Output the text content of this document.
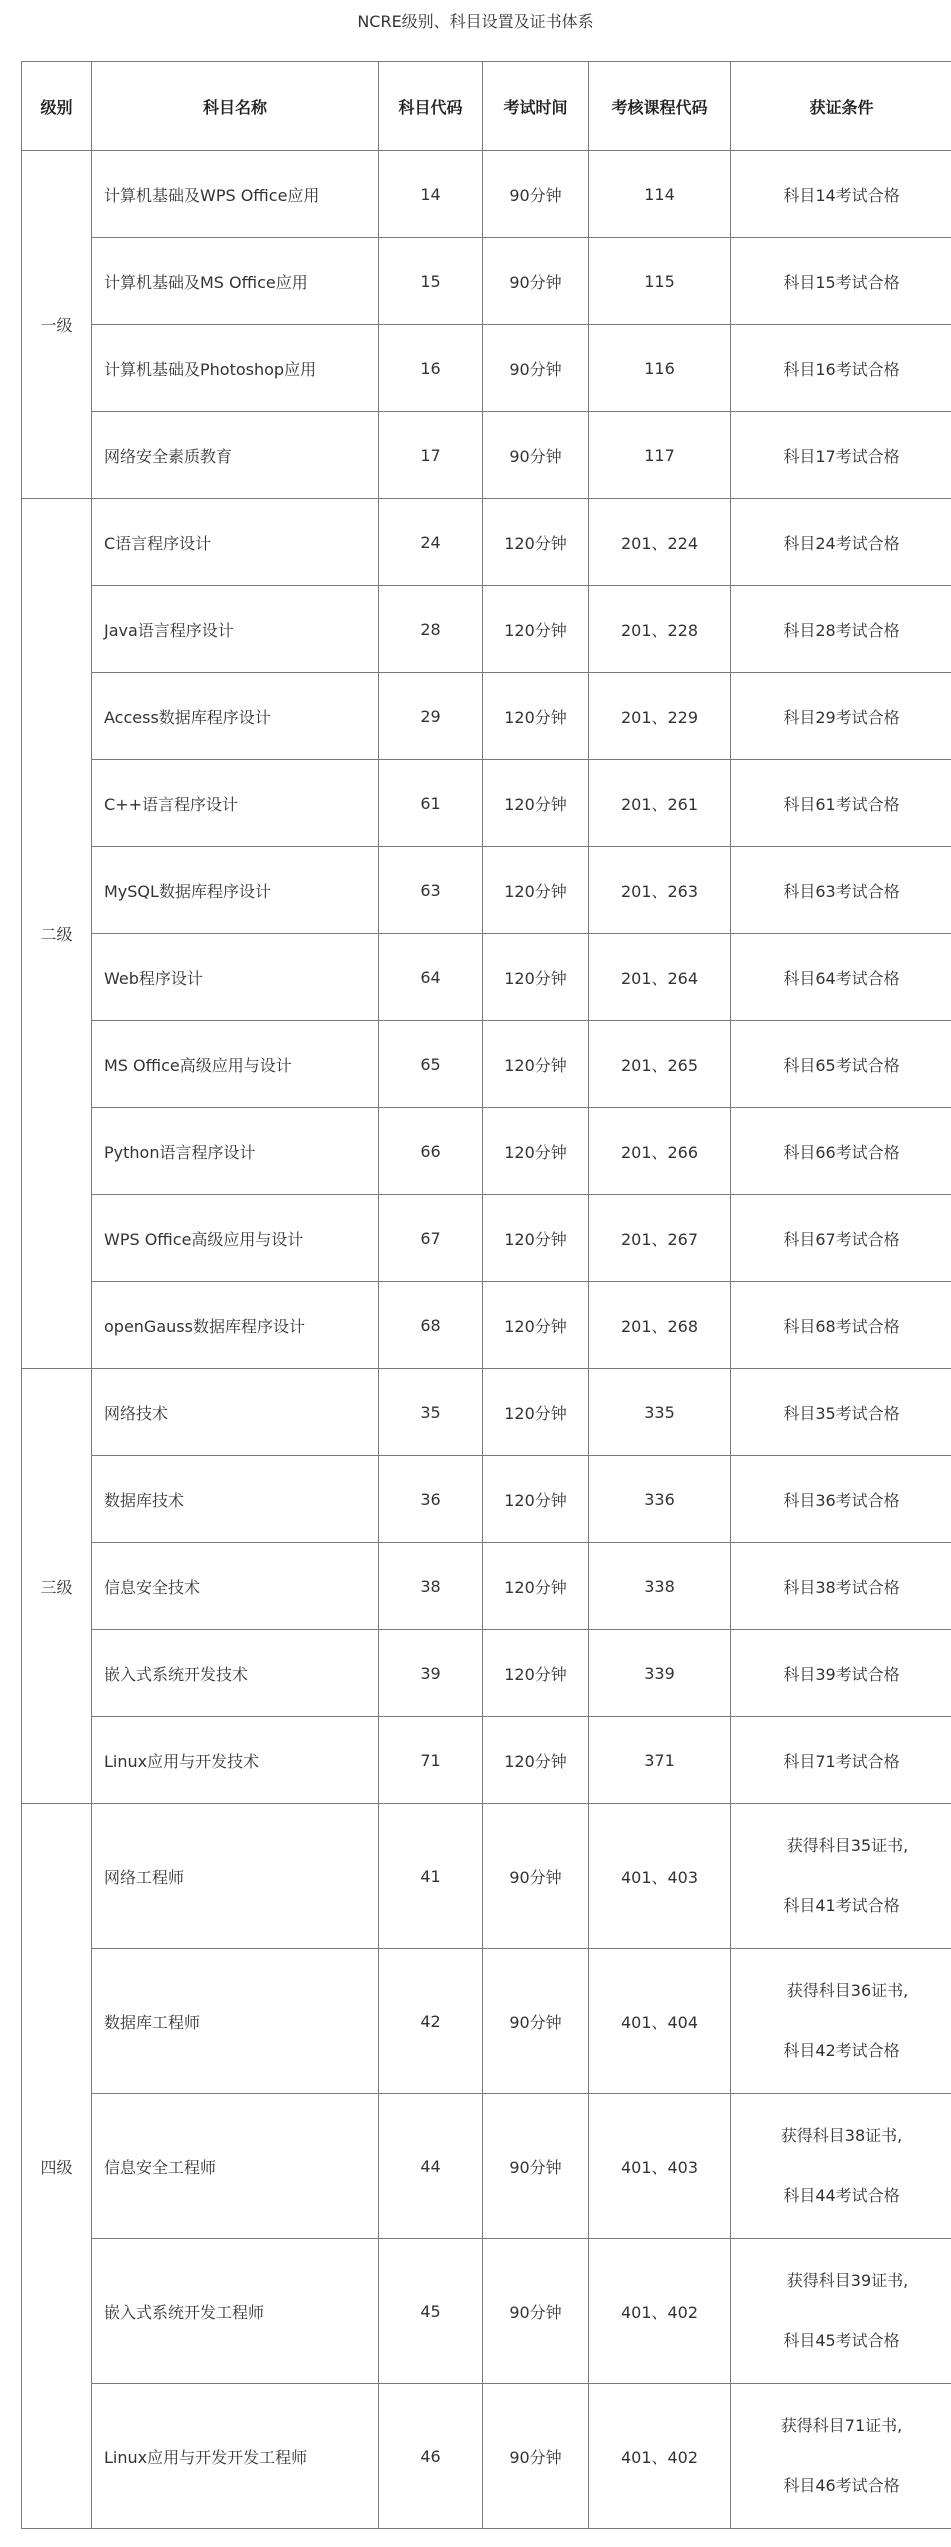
NCRE级别、科目设置及证书体系
级别	科目名称	科目代码	考试时间	考核课程代码	获证条件
一级	计算机基础及WPS Office应用	14	90分钟	114	科目14考试合格
	计算机基础及MS Office应用	15	90分钟	115	科目15考试合格
	计算机基础及Photoshop应用	16	90分钟	116	科目16考试合格
	网络安全素质教育	17	90分钟	117	科目17考试合格
二级	C语言程序设计	24	120分钟	201、224	科目24考试合格
	Java语言程序设计	28	120分钟	201、228	科目28考试合格
	Access数据库程序设计	29	120分钟	201、229	科目29考试合格
	C++语言程序设计	61	120分钟	201、261	科目61考试合格
	MySQL数据库程序设计	63	120分钟	201、263	科目63考试合格
	Web程序设计	64	120分钟	201、264	科目64考试合格
	MS Office高级应用与设计	65	120分钟	201、265	科目65考试合格
	Python语言程序设计	66	120分钟	201、266	科目66考试合格
	WPS Office高级应用与设计	67	120分钟	201、267	科目67考试合格
	openGauss数据库程序设计	68	120分钟	201、268	科目68考试合格
三级	网络技术	35	120分钟	335	科目35考试合格
	数据库技术	36	120分钟	336	科目36考试合格
	信息安全技术	38	120分钟	338	科目38考试合格
	嵌入式系统开发技术	39	120分钟	339	科目39考试合格
	Linux应用与开发技术	71	120分钟	371	科目71考试合格
四级	网络工程师	41	90分钟	401、403	获得科目35证书,
科目41考试合格

	数据库工程师	42	90分钟	401、404	获得科目36证书,
科目42考试合格

	信息安全工程师	44	90分钟	401、403	获得科目38证书,
科目44考试合格

	嵌入式系统开发工程师	45	90分钟	401、402	获得科目39证书,
科目45考试合格

	Linux应用与开发开发工程师	46	90分钟	401、402	获得科目71证书,
科目46考试合格
